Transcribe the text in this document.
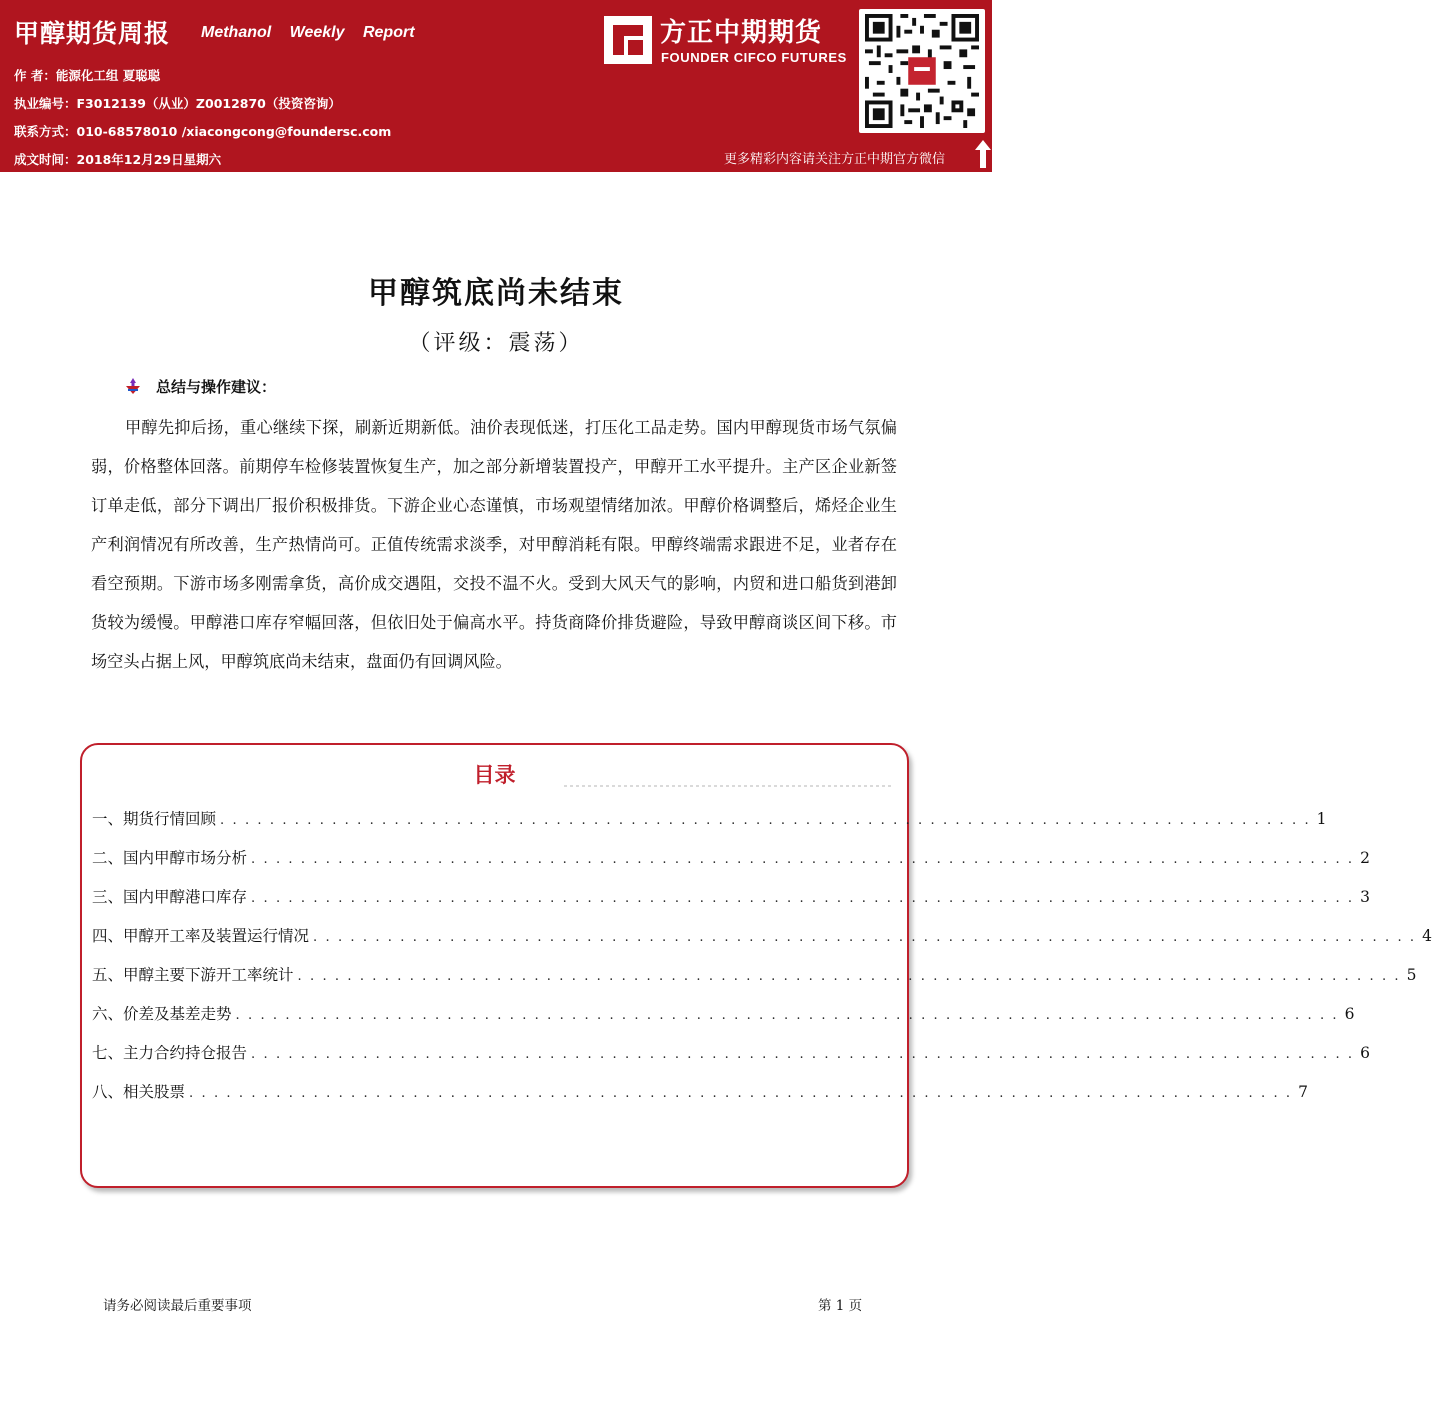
甲醇期货周报 Methanol Weekly Report
作 者：能源化工组 夏聪聪
执业编号：F3012139（从业）Z0012870（投资咨询）
联系方式：010-68578010 /xiacongcong@foundersc.com
成文时间：2018年12月29日星期六
方正中期期货
FOUNDER CIFCO FUTURES
更多精彩内容请关注方正中期官方微信
甲醇筑底尚未结束
（评级：震荡）
总结与操作建议：
甲醇先抑后扬，重心继续下探，刷新近期新低。油价表现低迷，打压化工品走势。国内甲醇现货市场气氛偏弱，价格整体回落。前期停车检修装置恢复生产，加之部分新增装置投产，甲醇开工水平提升。主产区企业新签订单走低，部分下调出厂报价积极排货。下游企业心态谨慎，市场观望情绪加浓。甲醇价格调整后，烯烃企业生产利润情况有所改善，生产热情尚可。正值传统需求淡季，对甲醇消耗有限。甲醇终端需求跟进不足，业者存在看空预期。下游市场多刚需拿货，高价成交遇阻，交投不温不火。受到大风天气的影响，内贸和进口船货到港卸货较为缓慢。甲醇港口库存窄幅回落，但依旧处于偏高水平。持货商降价排货避险，导致甲醇商谈区间下移。市场空头占据上风，甲醇筑底尚未结束，盘面仍有回调风险。
目录
一、期货行情回顾 . . . . . . . . . . . . . . . . . . . . . . . . . . . . . . . . . . . . . . . . . . . . . . . . . . . . . . . . . . . . . . . . . . . . . . . . . . . . . . . . . . . . . . . . 1
二、国内甲醇市场分析 . . . . . . . . . . . . . . . . . . . . . . . . . . . . . . . . . . . . . . . . . . . . . . . . . . . . . . . . . . . . . . . . . . . . . . . . . . . . . . . . . . . . . . . . . 2
三、国内甲醇港口库存 . . . . . . . . . . . . . . . . . . . . . . . . . . . . . . . . . . . . . . . . . . . . . . . . . . . . . . . . . . . . . . . . . . . . . . . . . . . . . . . . . . . . . . . . . 3
四、甲醇开工率及装置运行情况 . . . . . . . . . . . . . . . . . . . . . . . . . . . . . . . . . . . . . . . . . . . . . . . . . . . . . . . . . . . . . . . . . . . . . . . . . . . . . . . . . . . . . . . . . 4
五、甲醇主要下游开工率统计 . . . . . . . . . . . . . . . . . . . . . . . . . . . . . . . . . . . . . . . . . . . . . . . . . . . . . . . . . . . . . . . . . . . . . . . . . . . . . . . . . . . . . . . . . 5
六、价差及基差走势 . . . . . . . . . . . . . . . . . . . . . . . . . . . . . . . . . . . . . . . . . . . . . . . . . . . . . . . . . . . . . . . . . . . . . . . . . . . . . . . . . . . . . . . . . 6
七、主力合约持仓报告 . . . . . . . . . . . . . . . . . . . . . . . . . . . . . . . . . . . . . . . . . . . . . . . . . . . . . . . . . . . . . . . . . . . . . . . . . . . . . . . . . . . . . . . . . 6
八、相关股票 . . . . . . . . . . . . . . . . . . . . . . . . . . . . . . . . . . . . . . . . . . . . . . . . . . . . . . . . . . . . . . . . . . . . . . . . . . . . . . . . . . . . . . . . . 7
请务必阅读最后重要事项	第 1 页
